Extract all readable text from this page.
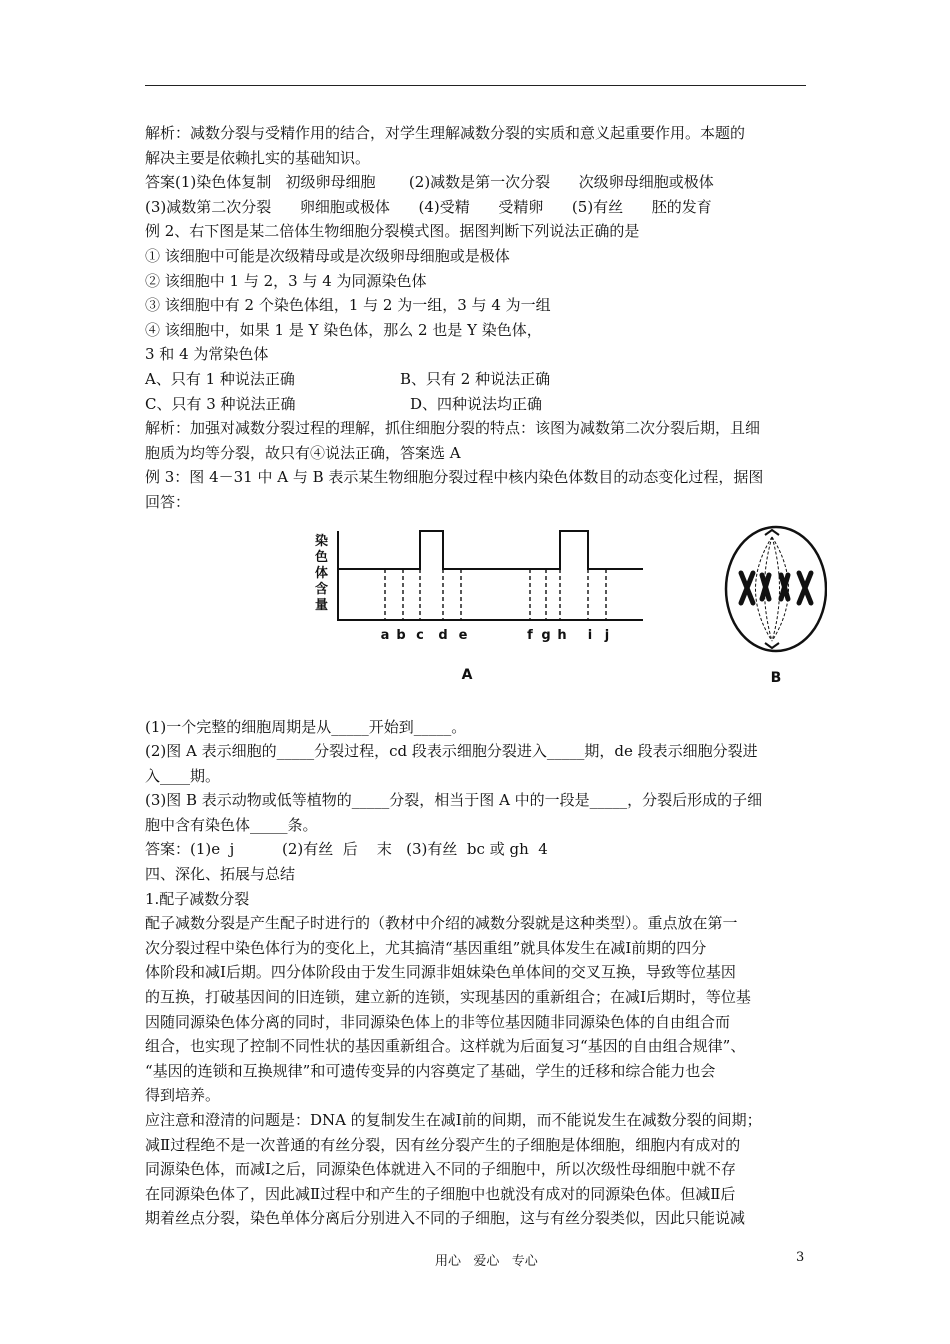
解析：减数分裂与受精作用的结合，对学生理解减数分裂的实质和意义起重要作用。本题的

解决主要是依赖扎实的基础知识。

答案(1)染色体复制   初级卵母细胞       (2)减数是第一次分裂      次级卵母细胞或极体

(3)减数第二次分裂      卵细胞或极体      (4)受精      受精卵      (5)有丝      胚的发育

例 2、右下图是某二倍体生物细胞分裂模式图。据图判断下列说法正确的是

① 该细胞中可能是次级精母或是次级卵母细胞或是极体

② 该细胞中 1 与 2，3 与 4 为同源染色体

③ 该细胞中有 2 个染色体组，1 与 2 为一组，3 与 4 为一组

④ 该细胞中，如果 1 是 Y 染色体，那么 2 也是 Y 染色体，

3 和 4 为常染色体

A、只有 1 种说法正确	B、只有 2 种说法正确
C、只有 3 种说法正确	D、四种说法均正确

解析：加强对减数分裂过程的理解，抓住细胞分裂的特点：该图为减数第二次分裂后期，且细

胞质为均等分裂，故只有④说法正确，答案选 A

例 3：图 4－31 中 A 与 B 表示某生物细胞分裂过程中核内染色体数目的动态变化过程，据图

回答：

染
色
体
含
量
a b c d e	f g h i j
A	B

(1)一个完整的细胞周期是从_____开始到_____。

(2)图 A 表示细胞的_____分裂过程，cd 段表示细胞分裂进入_____期，de 段表示细胞分裂进

入____期。

(3)图 B 表示动物或低等植物的_____分裂，相当于图 A 中的一段是_____，分裂后形成的子细

胞中含有染色体_____条。

答案：(1)e  j          (2)有丝  后    末   (3)有丝  bc 或 gh  4

四、深化、拓展与总结

1.配子减数分裂

配子减数分裂是产生配子时进行的（教材中介绍的减数分裂就是这种类型）。重点放在第一

次分裂过程中染色体行为的变化上，尤其搞清“基因重组”就具体发生在减Ⅰ前期的四分

体阶段和减Ⅰ后期。四分体阶段由于发生同源非姐妹染色单体间的交叉互换，导致等位基因

的互换，打破基因间的旧连锁，建立新的连锁，实现基因的重新组合；在减Ⅰ后期时，等位基

因随同源染色体分离的同时，非同源染色体上的非等位基因随非同源染色体的自由组合而

组合，也实现了控制不同性状的基因重新组合。这样就为后面复习“基因的自由组合规律”、

“基因的连锁和互换规律”和可遗传变异的内容奠定了基础，学生的迁移和综合能力也会

得到培养。

应注意和澄清的问题是：DNA 的复制发生在减Ⅰ前的间期，而不能说发生在减数分裂的间期；

减Ⅱ过程绝不是一次普通的有丝分裂，因有丝分裂产生的子细胞是体细胞，细胞内有成对的

同源染色体，而减Ⅰ之后，同源染色体就进入不同的子细胞中，所以次级性母细胞中就不存

在同源染色体了，因此减Ⅱ过程中和产生的子细胞中也就没有成对的同源染色体。但减Ⅱ后

期着丝点分裂，染色单体分离后分别进入不同的子细胞，这与有丝分裂类似，因此只能说减

用心   爱心   专心	3
